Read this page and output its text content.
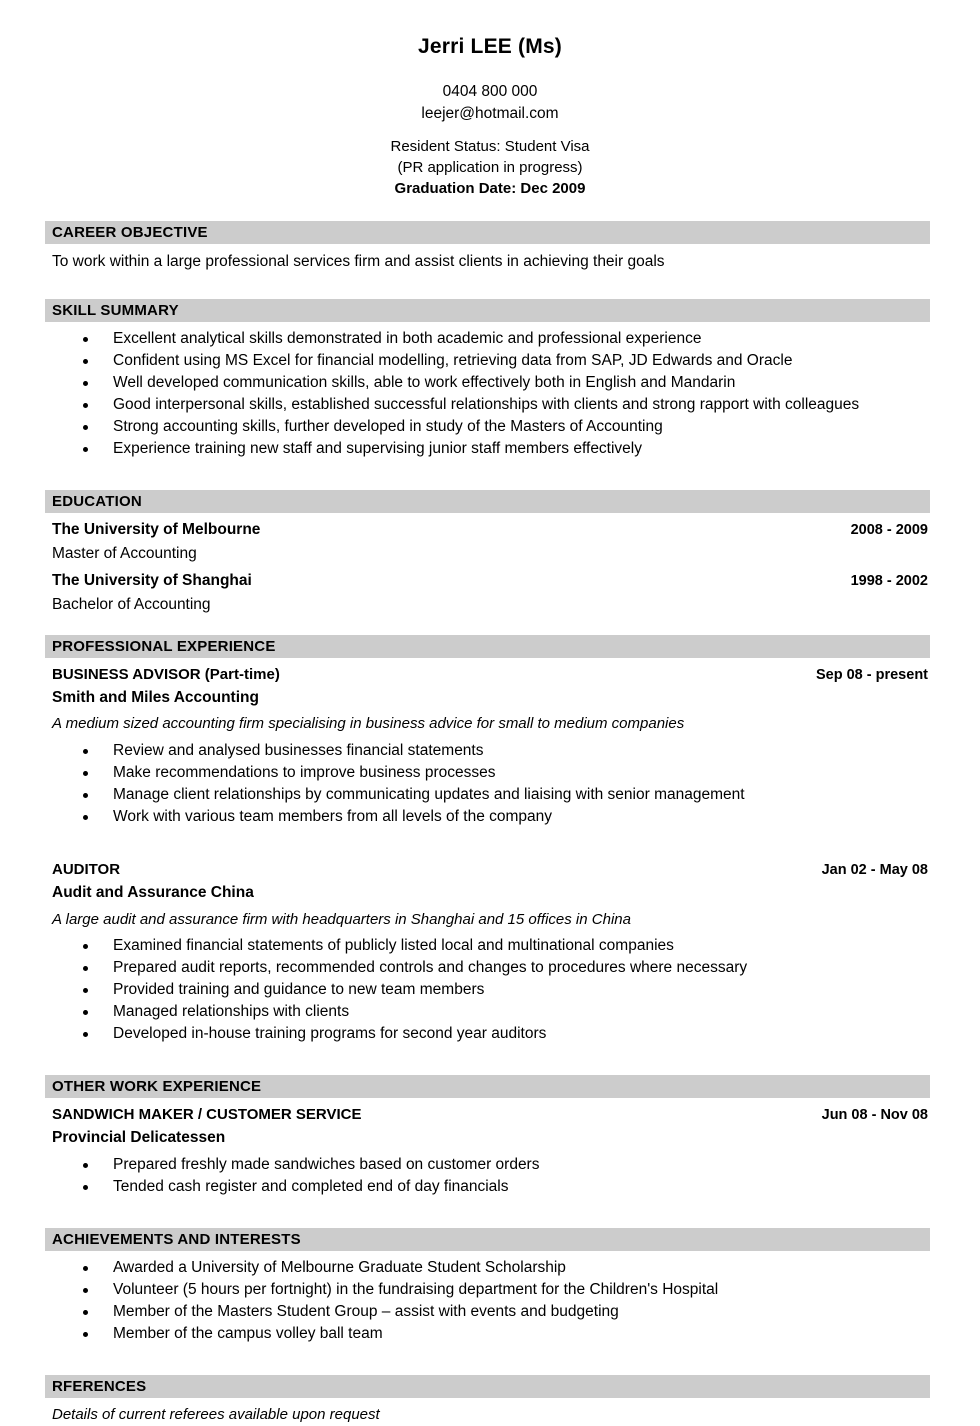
Jerri LEE (Ms)
0404 800 000
leejer@hotmail.com
Resident Status: Student Visa
(PR application in progress)
Graduation Date: Dec 2009
CAREER OBJECTIVE

To work within a large professional services firm and assist clients in achieving their goals

SKILL SUMMARY
Excellent analytical skills demonstrated in both academic and professional experience
Confident using MS Excel for financial modelling, retrieving data from SAP, JD Edwards and Oracle
Well developed communication skills, able to work effectively both in English and Mandarin
Good interpersonal skills, established successful relationships with clients and strong rapport with colleagues
Strong accounting skills, further developed in study of the Masters of Accounting
Experience training new staff and supervising junior staff members effectively
EDUCATION
The University of Melbourne	2008 - 2009
Master of Accounting
The University of Shanghai	1998 - 2002
Bachelor of Accounting
PROFESSIONAL EXPERIENCE
BUSINESS ADVISOR (Part-time)	Sep 08 - present
Smith and Miles Accounting

A medium sized accounting firm specialising in business advice for small to medium companies

Review and analysed businesses financial statements
Make recommendations to improve business processes
Manage client relationships by communicating updates and liaising with senior management
Work with various team members from all levels of the company
AUDITOR	Jan 02 - May 08
Audit and Assurance China

A large audit and assurance firm with headquarters in Shanghai and 15 offices in China

Examined financial statements of publicly listed local and multinational companies
Prepared audit reports, recommended controls and changes to procedures where necessary
Provided training and guidance to new team members
Managed relationships with clients
Developed in-house training programs for second year auditors
OTHER WORK EXPERIENCE
SANDWICH MAKER / CUSTOMER SERVICE	Jun 08 - Nov 08
Provincial Delicatessen
Prepared freshly made sandwiches based on customer orders
Tended cash register and completed end of day financials
ACHIEVEMENTS AND INTERESTS
Awarded a University of Melbourne Graduate Student Scholarship
Volunteer (5 hours per fortnight) in the fundraising department for the Children's Hospital
Member of the Masters Student Group – assist with events and budgeting
Member of the campus volley ball team
RFERENCES

Details of current referees available upon request
